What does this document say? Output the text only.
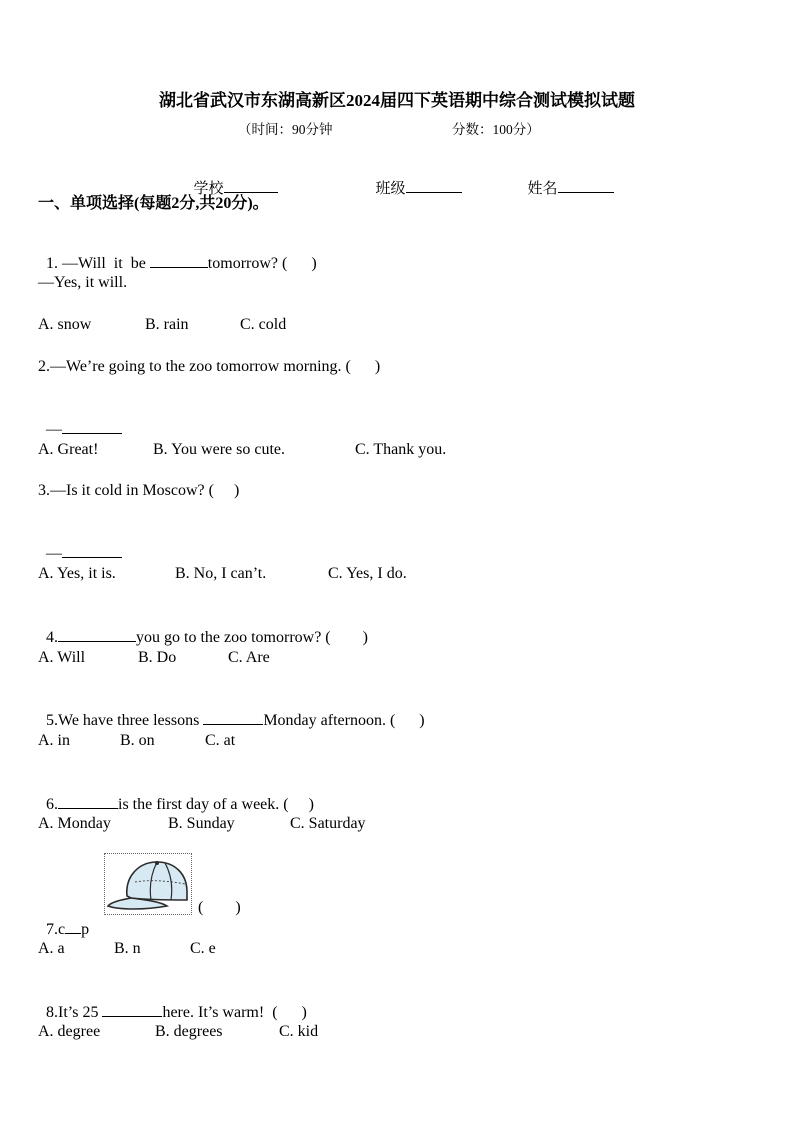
湖北省武汉市东湖高新区2024届四下英语期中综合测试模拟试题
（时间：90分钟	分数：100分）

学校	班级	姓名

一、单项选择(每题2分,共20分)。

1. —Will  it  be	tomorrow? (      )

—Yes, it will.
A. snow	B. rain	C. cold
2.—We’re going to the zoo tomorrow morning. (      )

—

A. Great!	B. You were so cute.	C. Thank you.
3.—Is it cold in Moscow? (     )

—

A. Yes, it is.	B. No, I can’t.	C. Yes, I do.

4.	you go to the zoo tomorrow? (        )

A. Will	B. Do	C. Are

5.We have three lessons	Monday afternoon. (      )

A. in	B. on	C. at

6.	is the first day of a week. (     )

A. Monday	B. Sunday	C. Saturday

7.c p

(        )
A. a	B. n	C. e

8.It’s 25	here. It’s warm!  (      )

A. degree	B. degrees	C. kid
